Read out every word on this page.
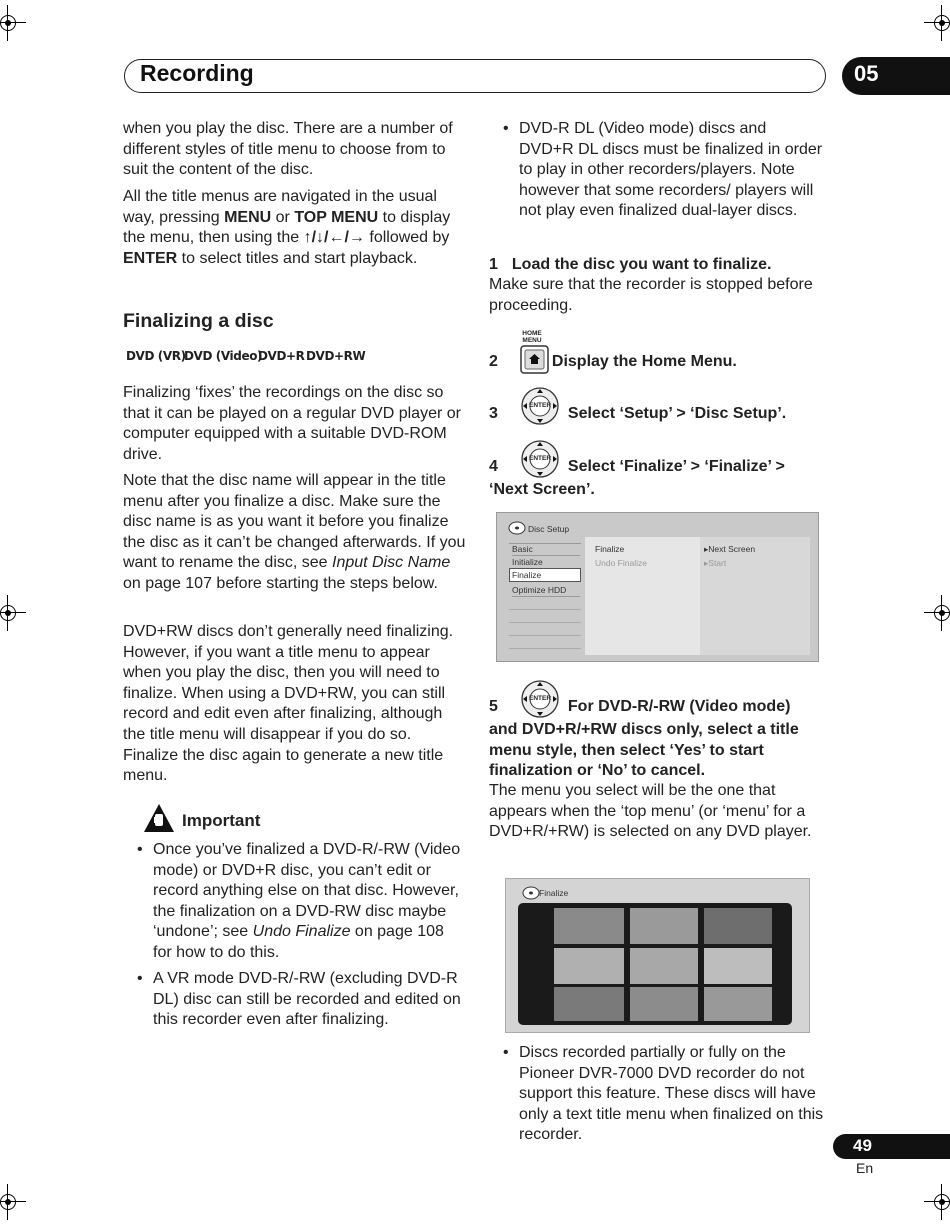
Recording	05

when you play the disc. There are a number of different styles of title menu to choose from to suit the content of the disc.

All the title menus are navigated in the usual way, pressing MENU or TOP MENU to display the menu, then using the ↑/↓/←/→ followed by ENTER to select titles and start playback.

Finalizing a disc
DVD (VR)
DVD (Video)
DVD+R DVD+RW

Finalizing ‘fixes’ the recordings on the disc so that it can be played on a regular DVD player or computer equipped with a suitable DVD-ROM drive.

Note that the disc name will appear in the title menu after you finalize a disc. Make sure the disc name is as you want it before you finalize the disc as it can’t be changed afterwards. If you want to rename the disc, see Input Disc Name on page 107 before starting the steps below.

DVD+RW discs don’t generally need finalizing. However, if you want a title menu to appear when you play the disc, then you will need to finalize. When using a DVD+RW, you can still record and edit even after finalizing, although the title menu will disappear if you do so. Finalize the disc again to generate a new title menu.

Important
• Once you’ve finalized a DVD-R/-RW (Video mode) or DVD+R disc, you can’t edit or record anything else on that disc. However, the finalization on a DVD-RW disc maybe ‘undone’; see Undo Finalize on page 108 for how to do this.

• A VR mode DVD-R/-RW (excluding DVD-R DL) disc can still be recorded and edited on this recorder even after finalizing.

• DVD-R DL (Video mode) discs and DVD+R DL discs must be finalized in order to play in other recorders/players. Note however that some recorders/ players will not play even finalized dual-layer discs.

1 Load the disc you want to finalize.

Make sure that the recorder is stopped before proceeding.

HOME
MENU
2	Display the Home Menu.
ENTER
3	Select ‘Setup’ > ‘Disc Setup’.
ENTER
4	Select ‘Finalize’ > ‘Finalize’ >
‘Next Screen’.
Disc Setup
Basic
Initialize
Finalize
Optimize HDD
Finalize
Undo Finalize
▸Next Screen
▸Start
ENTER
5	For DVD-R/-RW (Video mode)

and DVD+R/+RW discs only, select a title menu style, then select ‘Yes’ to start finalization or ‘No’ to cancel.

The menu you select will be the one that appears when the ‘top menu’ (or ‘menu’ for a DVD+R/+RW) is selected on any DVD player.

Finalize
• Discs recorded partially or fully on the Pioneer DVR-7000 DVD recorder do not support this feature. These discs will have only a text title menu when finalized on this recorder.

49
En
